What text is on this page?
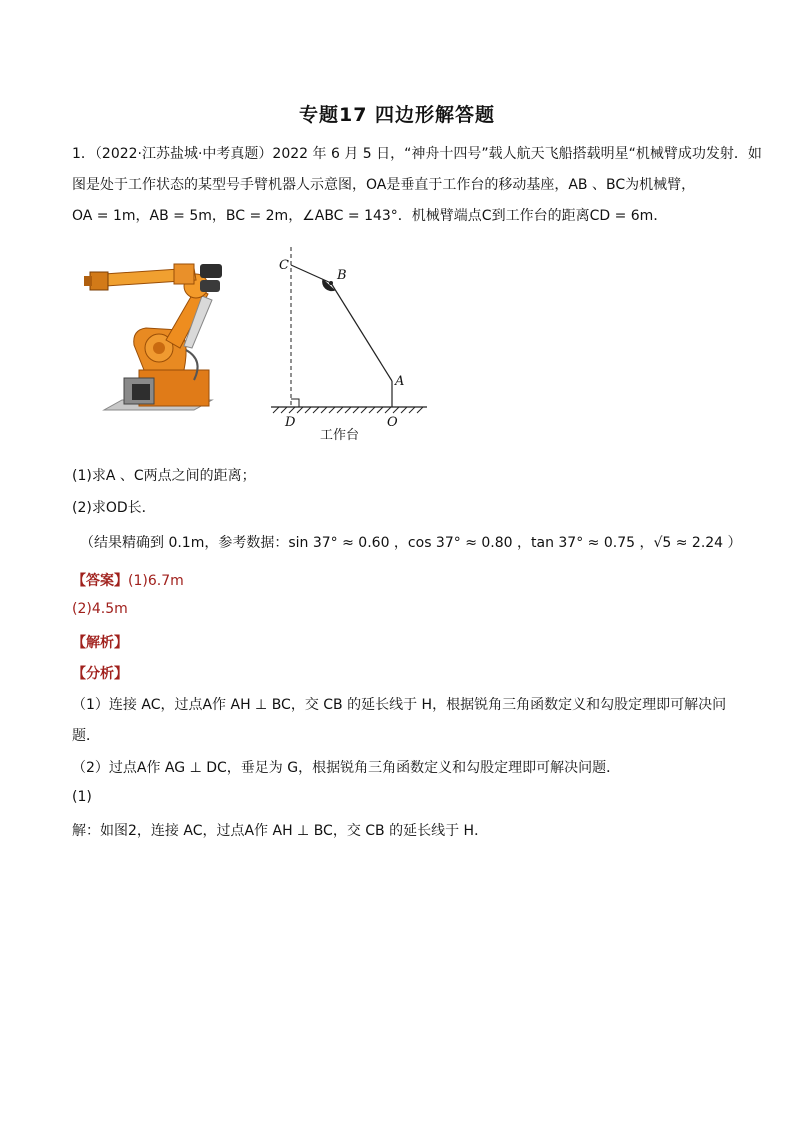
专题17 四边形解答题
1．（2022·江苏盐城·中考真题）2022 年 6 月 5 日，“神舟十四号”载人航天飞船搭载明星“机械臂成功发射．如
图是处于工作状态的某型号手臂机器人示意图，OA是垂直于工作台的移动基座，AB 、BC为机械臂，
OA = 1m，AB = 5m，BC = 2m，∠ABC = 143°．机械臂端点C到工作台的距离CD = 6m．
C
B
A
D	O
工作台
(1)求A 、C两点之间的距离；
(2)求OD长．
（结果精确到 0.1m，参考数据：sin 37° ≈ 0.60 ，cos 37° ≈ 0.80 ，tan 37° ≈ 0.75 ，√5 ≈ 2.24 ）
【答案】(1)6.7m
(2)4.5m
【解析】
【分析】
（1）连接 AC，过点A作 AH ⊥ BC，交 CB 的延长线于 H，根据锐角三角函数定义和勾股定理即可解决问
题．
（2）过点A作 AG ⊥ DC，垂足为 G，根据锐角三角函数定义和勾股定理即可解决问题．
(1)
解：如图2，连接 AC，过点A作 AH ⊥ BC，交 CB 的延长线于 H．
